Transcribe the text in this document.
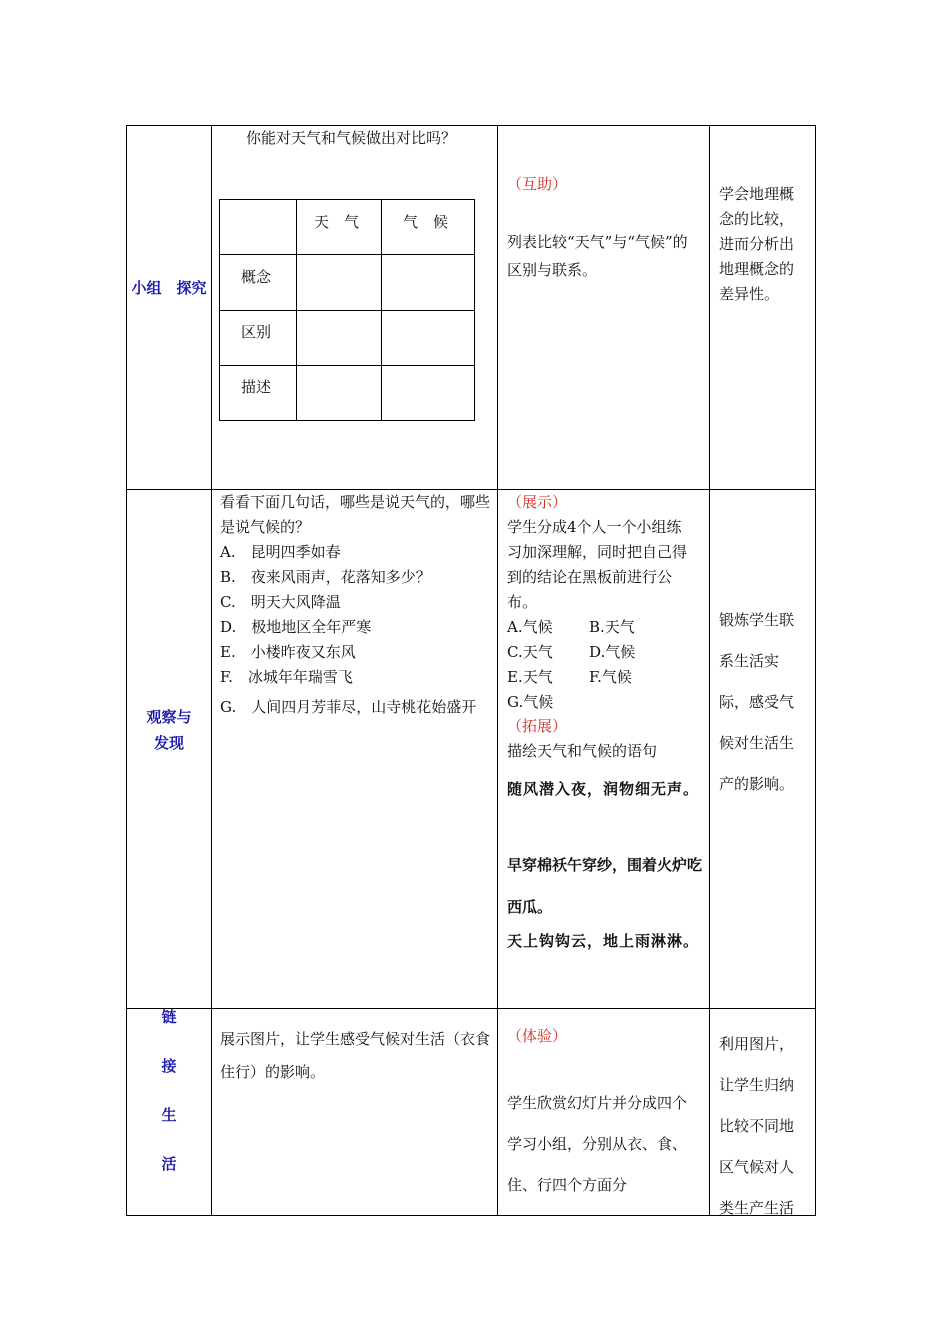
小组　探究
你能对天气和气候做出对比吗？
天　气	气　候
概念
区别
描述
（互助）
列表比较“天气”与“气候”的区别与联系。
学会地理概念的比较，进而分析出地理概念的差异性。
观察与发现
看看下面几句话，哪些是说天气的，哪些是说气候的？
A.　昆明四季如春
B.　夜来风雨声，花落知多少？
C.　明天大风降温
D.　极地地区全年严寒
E.　小楼昨夜又东风
F.　冰城年年瑞雪飞
G.　人间四月芳菲尽，山寺桃花始盛开
（展示）
学生分成4个人一个小组练习加深理解，同时把自己得到的结论在黑板前进行公布。
A.气候 B.天气
C.天气 D.气候
E.天气 F.气候
G.气候
（拓展）
描绘天气和气候的语句
随风潜入夜，润物细无声。
早穿棉袄午穿纱，围着火炉吃西瓜。
天上钩钩云，地上雨淋淋。
锻炼学生联系生活实际，感受气候对生活生产的影响。
链
接
生
活
展示图片，让学生感受气候对生活（衣食住行）的影响。
（体验）
学生欣赏幻灯片并分成四个学习小组，分别从衣、食、住、行四个方面分
利用图片，让学生归纳比较不同地区气候对人类生产生活
